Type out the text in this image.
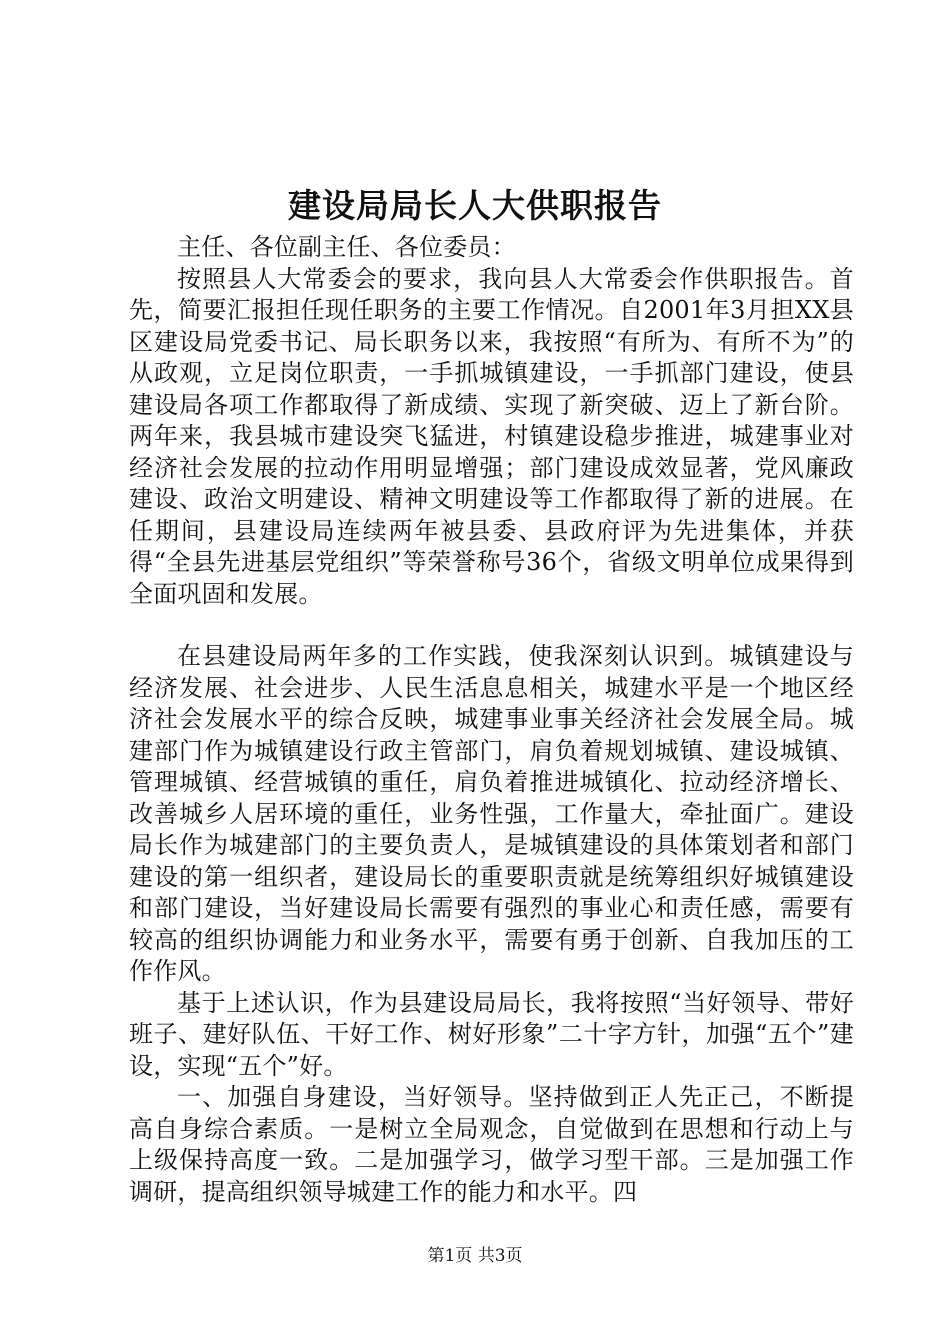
建设局局长人大供职报告

主任、各位副主任、各位委员：

按照县人大常委会的要求，我向县人大常委会作供职报告。首先，简要汇报担任现任职务的主要工作情况。自2001年3月担XX县区建设局党委书记、局长职务以来，我按照“有所为、有所不为”的从政观，立足岗位职责，一手抓城镇建设，一手抓部门建设，使县建设局各项工作都取得了新成绩、实现了新突破、迈上了新台阶。两年来，我县城市建设突飞猛进，村镇建设稳步推进，城建事业对经济社会发展的拉动作用明显增强；部门建设成效显著，党风廉政建设、政治文明建设、精神文明建设等工作都取得了新的进展。在任期间，县建设局连续两年被县委、县政府评为先进集体，并获得“全县先进基层党组织”等荣誉称号36个，省级文明单位成果得到全面巩固和发展。

在县建设局两年多的工作实践，使我深刻认识到。城镇建设与经济发展、社会进步、人民生活息息相关，城建水平是一个地区经济社会发展水平的综合反映，城建事业事关经济社会发展全局。城建部门作为城镇建设行政主管部门，肩负着规划城镇、建设城镇、管理城镇、经营城镇的重任，肩负着推进城镇化、拉动经济增长、改善城乡人居环境的重任，业务性强，工作量大，牵扯面广。建设局长作为城建部门的主要负责人，是城镇建设的具体策划者和部门建设的第一组织者，建设局长的重要职责就是统筹组织好城镇建设和部门建设，当好建设局长需要有强烈的事业心和责任感，需要有较高的组织协调能力和业务水平，需要有勇于创新、自我加压的工作作风。

基于上述认识，作为县建设局局长，我将按照“当好领导、带好班子、建好队伍、干好工作、树好形象”二十字方针，加强“五个”建设，实现“五个”好。

一、加强自身建设，当好领导。坚持做到正人先正己，不断提高自身综合素质。一是树立全局观念，自觉做到在思想和行动上与上级保持高度一致。二是加强学习，做学习型干部。三是加强工作调研，提高组织领导城建工作的能力和水平。四

第1页 共3页
